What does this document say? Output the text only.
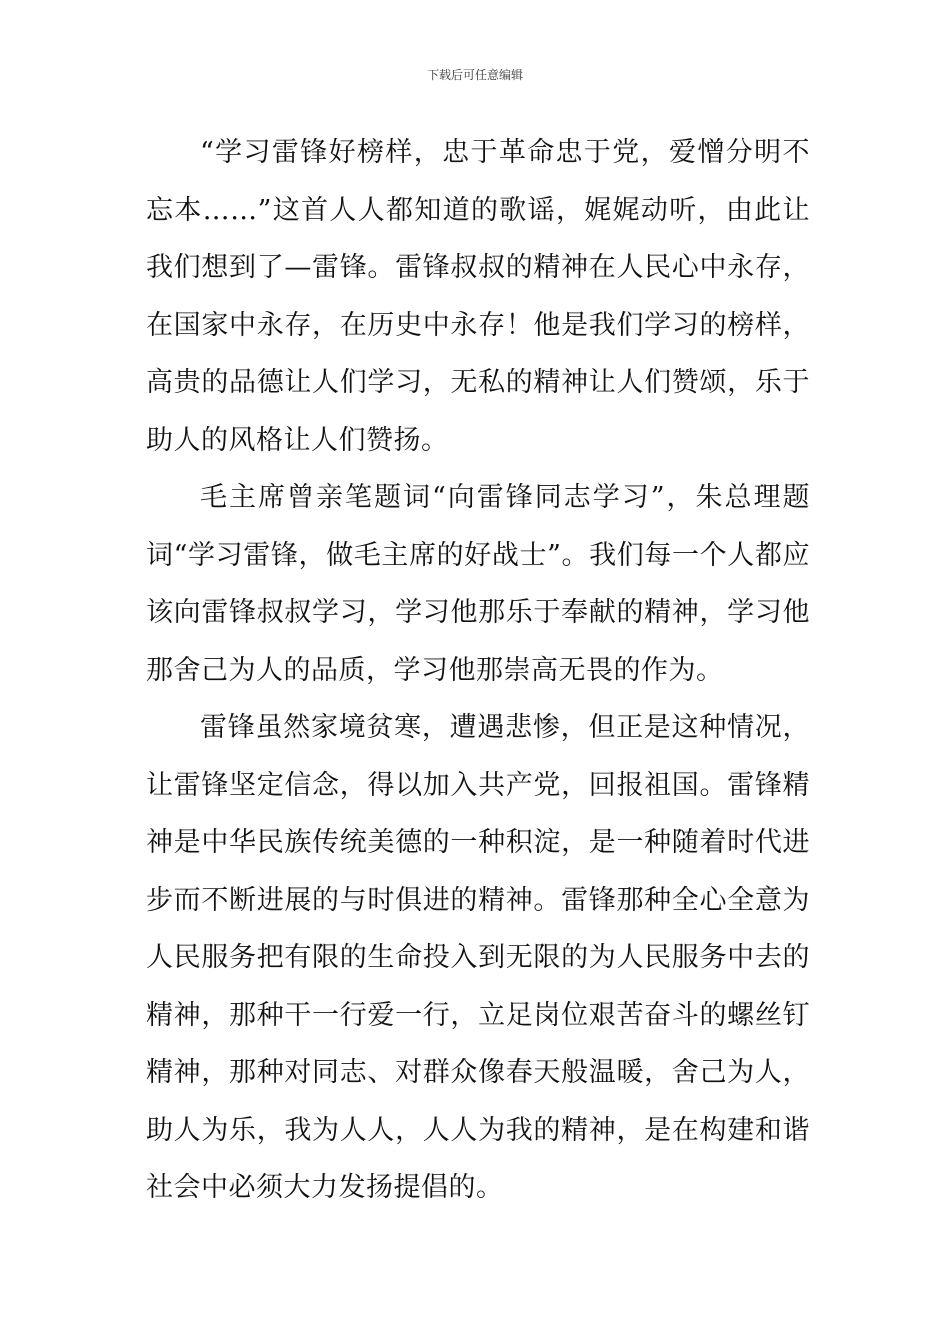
下载后可任意编辑

“学习雷锋好榜样，忠于革命忠于党，爱憎分明不忘本……”这首人人都知道的歌谣，娓娓动听，由此让我们想到了—雷锋。雷锋叔叔的精神在人民心中永存，在国家中永存，在历史中永存！他是我们学习的榜样，高贵的品德让人们学习，无私的精神让人们赞颂，乐于助人的风格让人们赞扬。

毛主席曾亲笔题词“向雷锋同志学习”，朱总理题词“学习雷锋，做毛主席的好战士”。我们每一个人都应该向雷锋叔叔学习，学习他那乐于奉献的精神，学习他那舍己为人的品质，学习他那崇高无畏的作为。

雷锋虽然家境贫寒，遭遇悲惨，但正是这种情况，让雷锋坚定信念，得以加入共产党，回报祖国。雷锋精神是中华民族传统美德的一种积淀，是一种随着时代进步而不断进展的与时俱进的精神。雷锋那种全心全意为人民服务把有限的生命投入到无限的为人民服务中去的精神，那种干一行爱一行，立足岗位艰苦奋斗的螺丝钉精神，那种对同志、对群众像春天般温暖，舍己为人，助人为乐，我为人人，人人为我的精神，是在构建和谐社会中必须大力发扬提倡的。
